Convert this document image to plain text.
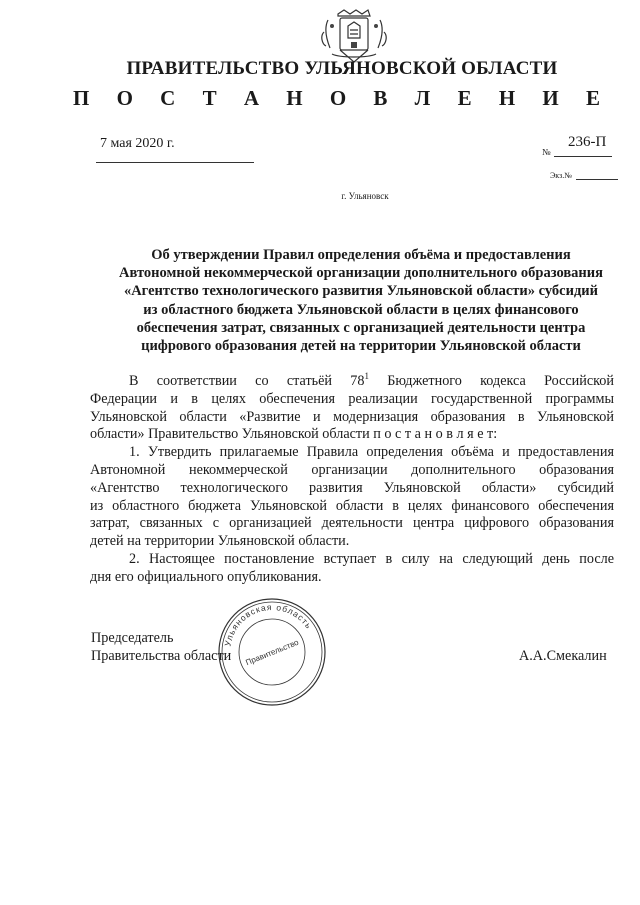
ПРАВИТЕЛЬСТВО УЛЬЯНОВСКОЙ ОБЛАСТИ
П О С Т А Н О В Л Е Н И Е
7 мая 2020 г.
№
236-П
Экз.№
г. Ульяновск
Об утверждении Правил определения объёма и предоставления
Автономной некоммерческой организации дополнительного образования
«Агентство технологического развития Ульяновской области» субсидий
из областного бюджета Ульяновской области в целях финансового
обеспечения затрат, связанных с организацией деятельности центра
цифрового образования детей на территории Ульяновской области
В соответствии со статьёй $78^1$ Бюджетного кодекса Российской
Федерации и в целях обеспечения реализации государственной программы
Ульяновской области «Развитие и модернизация образования в Ульяновской
области» Правительство Ульяновской области п о с т а н о в л я е т:
1. Утвердить прилагаемые Правила определения объёма и предоставления
Автономной некоммерческой организации дополнительного образования
«Агентство технологического развития Ульяновской области» субсидий
из областного бюджета Ульяновской области в целях финансового обеспечения
затрат, связанных с организацией деятельности центра цифрового образования
детей на территории Ульяновской области.
2. Настоящее постановление вступает в силу на следующий день после
дня его официального опубликования.
Председатель
Правительства области	А.А.Смекалин
Ульяновская область
Правительство
